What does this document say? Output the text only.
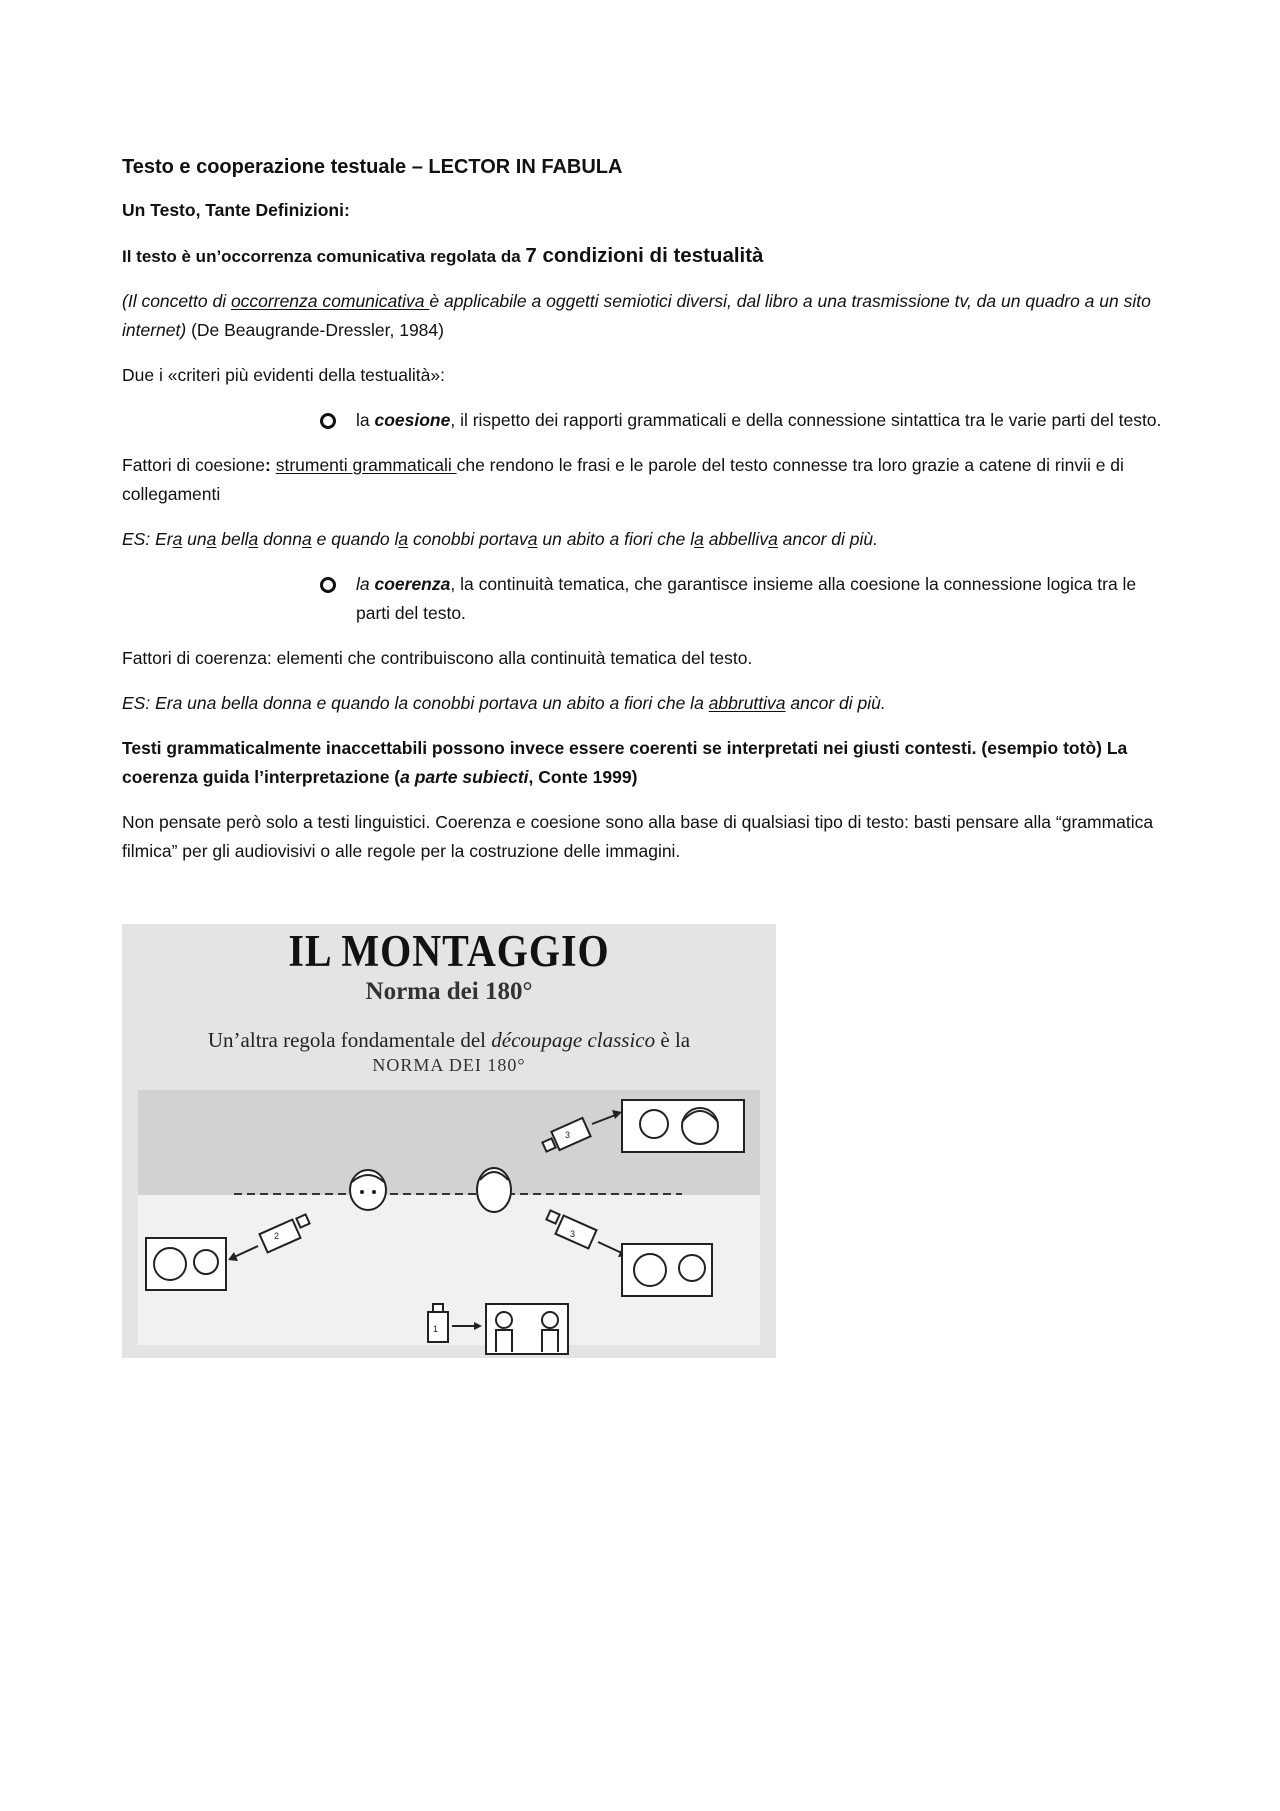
Testo e cooperazione testuale – LECTOR IN FABULA

Un Testo, Tante Definizioni:

Il testo è un’occorrenza comunicativa regolata da 7 condizioni di testualità

(Il concetto di occorrenza comunicativa è applicabile a oggetti semiotici diversi, dal libro a una trasmissione tv, da un quadro a un sito internet) (De Beaugrande-Dressler, 1984)

Due i «criteri più evidenti della testualità»:

la coesione, il rispetto dei rapporti grammaticali e della connessione sintattica tra le varie parti del testo.

Fattori di coesione: strumenti grammaticali che rendono le frasi e le parole del testo connesse tra loro grazie a catene di rinvii e di collegamenti

ES: Era una bella donna e quando la conobbi portava un abito a fiori che la abbelliva ancor di più.

la coerenza, la continuità tematica, che garantisce insieme alla coesione la connessione logica tra le parti del testo.

Fattori di coerenza: elementi che contribuiscono alla continuità tematica del testo.

ES: Era una bella donna e quando la conobbi portava un abito a fiori che la abbruttiva ancor di più.

Testi grammaticalmente inaccettabili possono invece essere coerenti se interpretati nei giusti contesti. (esempio totò) La coerenza guida l’interpretazione (a parte subiecti, Conte 1999)

Non pensate però solo a testi linguistici. Coerenza e coesione sono alla base di qualsiasi tipo di testo: basti pensare alla “grammatica filmica” per gli audiovisivi o alle regole per la costruzione delle immagini.

1
2	3
3
IL MONTAGGIO
Norma dei 180°
Un’altra regola fondamentale del découpage classico è la
NORMA DEI 180°
